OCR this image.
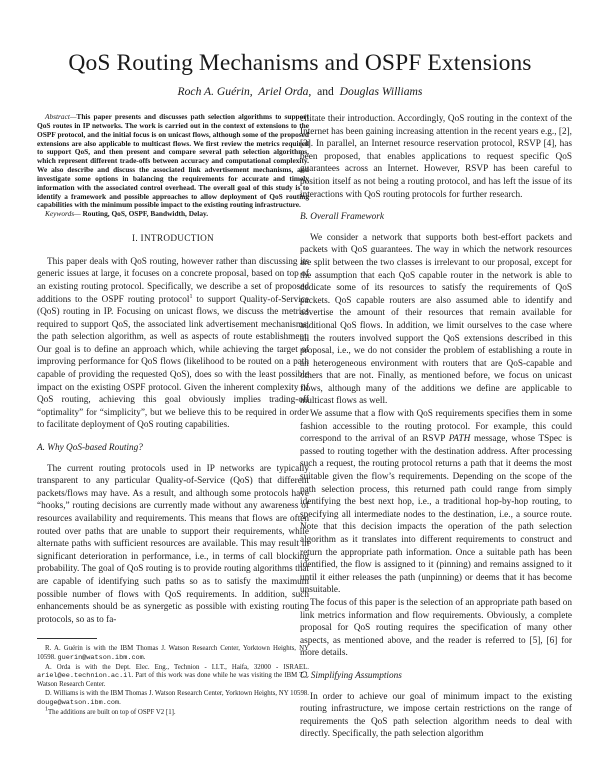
QoS Routing Mechanisms and OSPF Extensions
Roch A. Guérin, Ariel Orda, and Douglas Williams

Abstract—This paper presents and discusses path selection algorithms to support QoS routes in IP networks. The work is carried out in the context of extensions to the OSPF protocol, and the initial focus is on unicast flows, although some of the proposed extensions are also applicable to multicast flows. We first review the metrics required to support QoS, and then present and compare several path selection algorithms, which represent different trade-offs between accuracy and computational complexity. We also describe and discuss the associated link advertisement mechanisms, and investigate some options in balancing the requirements for accurate and timely information with the associated control overhead. The overall goal of this study is to identify a framework and possible approaches to allow deployment of QoS routing capabilities with the minimum possible impact to the existing routing infrastructure.

Keywords— Routing, QoS, OSPF, Bandwidth, Delay.

I. INTRODUCTION

This paper deals with QoS routing, however rather than discussing its generic issues at large, it focuses on a concrete proposal, based on top of an existing routing protocol. Specifically, we describe a set of proposed additions to the OSPF routing protocol$^1$ to support Quality-of-Service (QoS) routing in IP. Focusing on unicast flows, we discuss the metrics required to support QoS, the associated link advertisement mechanisms, the path selection algorithm, as well as aspects of route establishment. Our goal is to define an approach which, while achieving the target of improving performance for QoS flows (likelihood to be routed on a path capable of providing the requested QoS), does so with the least possible impact on the existing OSPF protocol. Given the inherent complexity of QoS routing, achieving this goal obviously implies trading-off “optimality” for “simplicity”, but we believe this to be required in order to facilitate deployment of QoS routing capabilities.

A. Why QoS-based Routing?

The current routing protocols used in IP networks are typically transparent to any particular Quality-of-Service (QoS) that different packets/flows may have. As a result, and although some protocols have “hooks,” routing decisions are currently made without any awareness of resources availability and requirements. This means that flows are often routed over paths that are unable to support their requirements, while alternate paths with sufficient resources are available. This may result in significant deterioration in performance, i.e., in terms of call blocking probability. The goal of QoS routing is to provide routing algorithms that are capable of identifying such paths so as to satisfy the maximum possible number of flows with QoS requirements. In addition, such enhancements should be as synergetic as possible with existing routing protocols, so as to fa-

R. A. Guérin is with the IBM Thomas J. Watson Research Center, Yorktown Heights, NY 10598. guerin@watson.ibm.com.

A. Orda is with the Dept. Elec. Eng., Technion - I.I.T., Haifa, 32000 - ISRAEL. ariel@ee.technion.ac.il. Part of this work was done while he was visiting the IBM T.J. Watson Research Center.

D. Williams is with the IBM Thomas J. Watson Research Center, Yorktown Heights, NY 10598. douge@watson.ibm.com.

$^1$The additions are built on top of OSPF V2 [1].

cilitate their introduction. Accordingly, QoS routing in the context of the Internet has been gaining increasing attention in the recent years e.g., [2], [3]. In parallel, an Internet resource reservation protocol, RSVP [4], has been proposed, that enables applications to request specific QoS guarantees across an Internet. However, RSVP has been careful to position itself as not being a routing protocol, and has left the issue of its interactions with QoS routing protocols for further research.

B. Overall Framework

We consider a network that supports both best-effort packets and packets with QoS guarantees. The way in which the network resources are split between the two classes is irrelevant to our proposal, except for the assumption that each QoS capable router in the network is able to dedicate some of its resources to satisfy the requirements of QoS packets. QoS capable routers are also assumed able to identify and advertise the amount of their resources that remain available for additional QoS flows. In addition, we limit ourselves to the case where all the routers involved support the QoS extensions described in this proposal, i.e., we do not consider the problem of establishing a route in an heterogeneous environment with routers that are QoS-capable and others that are not. Finally, as mentioned before, we focus on unicast flows, although many of the additions we define are applicable to multicast flows as well.

We assume that a flow with QoS requirements specifies them in some fashion accessible to the routing protocol. For example, this could correspond to the arrival of an RSVP PATH message, whose TSpec is passed to routing together with the destination address. After processing such a request, the routing protocol returns a path that it deems the most suitable given the flow’s requirements. Depending on the scope of the path selection process, this returned path could range from simply identifying the best next hop, i.e., a traditional hop-by-hop routing, to specifying all intermediate nodes to the destination, i.e., a source route. Note that this decision impacts the operation of the path selection algorithm as it translates into different requirements to construct and return the appropriate path information. Once a suitable path has been identified, the flow is assigned to it (pinning) and remains assigned to it until it either releases the path (unpinning) or deems that it has become unsuitable.

The focus of this paper is the selection of an appropriate path based on link metrics information and flow requirements. Obviously, a complete proposal for QoS routing requires the specification of many other aspects, as mentioned above, and the reader is referred to [5], [6] for more details.

C. Simplifying Assumptions

In order to achieve our goal of minimum impact to the existing routing infrastructure, we impose certain restrictions on the range of requirements the QoS path selection algorithm needs to deal with directly. Specifically, the path selection algorithm
